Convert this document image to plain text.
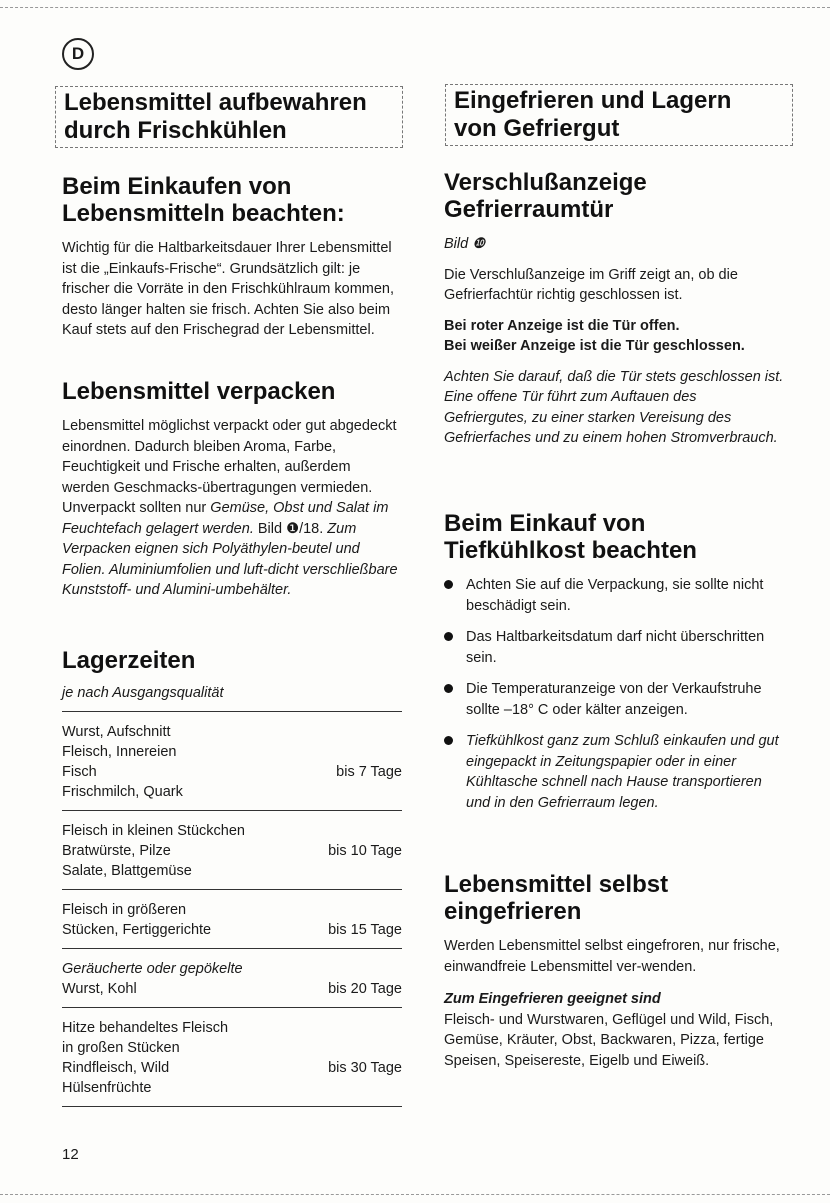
D
Lebensmittel aufbewahren
durch Frischkühlen
Beim Einkaufen von
Lebensmitteln beachten:

Wichtig für die Haltbarkeitsdauer Ihrer Lebensmittel ist die „Einkaufs-Frische“. Grundsätzlich gilt: je frischer die Vorräte in den Frischkühlraum kommen, desto länger halten sie frisch. Achten Sie also beim Kauf stets auf den Frischegrad der Lebensmittel.

Lebensmittel verpacken

Lebensmittel möglichst verpackt oder gut abgedeckt einordnen. Dadurch bleiben Aroma, Farbe, Feuchtigkeit und Frische erhalten, außerdem werden Geschmacks-übertragungen vermieden. Unverpackt sollten nur Gemüse, Obst und Salat im Feuchtefach gelagert werden. Bild ❶/18. Zum Verpacken eignen sich Polyäthylen-beutel und Folien. Aluminiumfolien und luft-dicht verschließbare Kunststoff- und Alumini-umbehälter.

Lagerzeiten

je nach Ausgangsqualität

Wurst, Aufschnitt
Fleisch, Innereien
Fisch
Frischmilch, Quark
bis 7 Tage
Fleisch in kleinen Stückchen
Bratwürste, Pilze
Salate, Blattgemüse
bis 10 Tage
Fleisch in größeren
Stücken, Fertiggerichte	bis 15 Tage
Geräucherte oder gepökelte
Wurst, Kohl	bis 20 Tage
Hitze behandeltes Fleisch
in großen Stücken
Rindfleisch, Wild
Hülsenfrüchte
bis 30 Tage
12
Eingefrieren und Lagern
von Gefriergut
Verschlußanzeige
Gefrierraumtür

Bild ❿

Die Verschlußanzeige im Griff zeigt an, ob die Gefrierfachtür richtig geschlossen ist.

Bei roter Anzeige ist die Tür offen.

Bei weißer Anzeige ist die Tür geschlossen.

Achten Sie darauf, daß die Tür stets geschlossen ist. Eine offene Tür führt zum Auftauen des Gefriergutes, zu einer starken Vereisung des Gefrierfaches und zu einem hohen Stromverbrauch.

Beim Einkauf von
Tiefkühlkost beachten
Achten Sie auf die Verpackung, sie sollte nicht beschädigt sein.
Das Haltbarkeitsdatum darf nicht überschritten sein.
Die Temperaturanzeige von der Verkaufstruhe sollte –18° C oder kälter anzeigen.
Tiefkühlkost ganz zum Schluß einkaufen und gut eingepackt in Zeitungspapier oder in einer Kühltasche schnell nach Hause transportieren und in den Gefrierraum legen.
Lebensmittel selbst
eingefrieren

Werden Lebensmittel selbst eingefroren, nur frische, einwandfreie Lebensmittel ver-wenden.

Zum Eingefrieren geeignet sind

Fleisch- und Wurstwaren, Geflügel und Wild, Fisch, Gemüse, Kräuter, Obst, Backwaren, Pizza, fertige Speisen, Speisereste, Eigelb und Eiweiß.
